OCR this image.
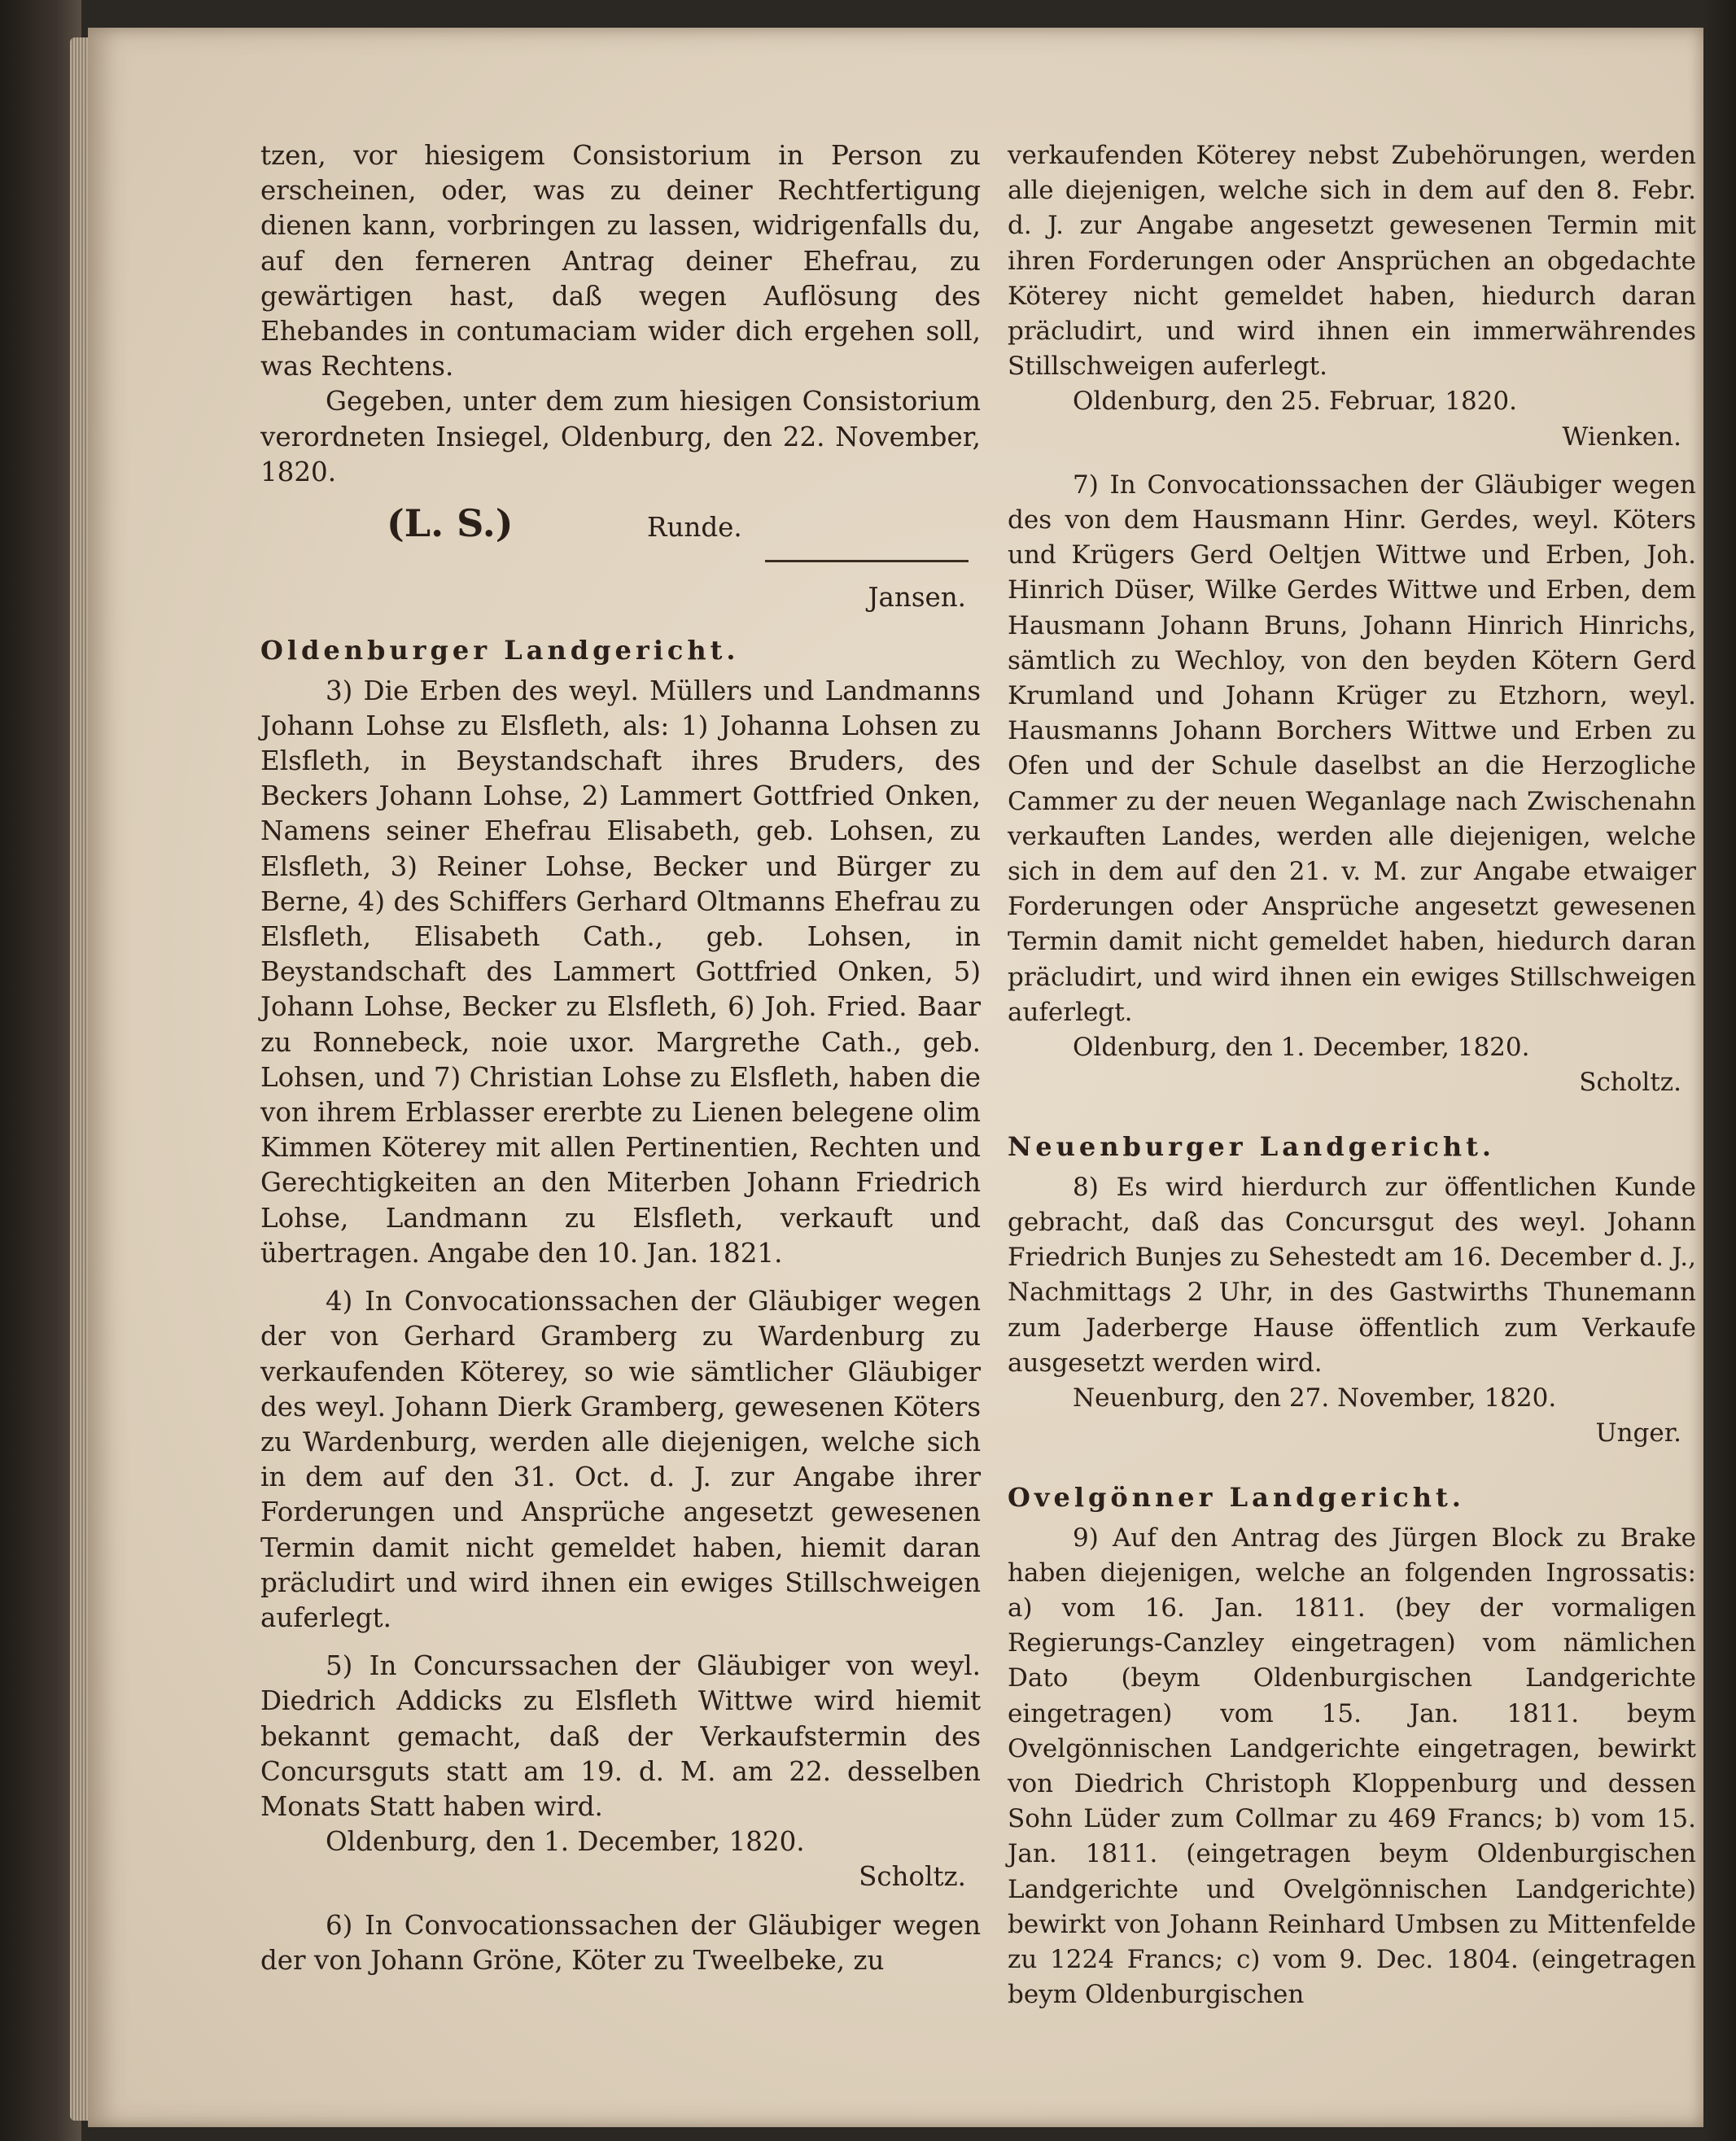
tzen, vor hiesigem Consistorium in Person zu erscheinen, oder, was zu deiner Rechtfertigung dienen kann, vorbringen zu lassen, widrigenfalls du, auf den ferneren Antrag deiner Ehefrau, zu gewärtigen hast, daß wegen Auflösung des Ehebandes in contumaciam wider dich ergehen soll, was Rechtens.

Gegeben, unter dem zum hiesigen Consistorium verordneten Insiegel, Oldenburg, den 22. November, 1820.

(L. S.)	Runde.

Jansen.

Oldenburger Landgericht.

3) Die Erben des weyl. Müllers und Landmanns Johann Lohse zu Elsfleth, als: 1) Johanna Lohsen zu Elsfleth, in Beystandschaft ihres Bruders, des Beckers Johann Lohse, 2) Lammert Gottfried Onken, Namens seiner Ehefrau Elisabeth, geb. Lohsen, zu Elsfleth, 3) Reiner Lohse, Becker und Bürger zu Berne, 4) des Schiffers Gerhard Oltmanns Ehefrau zu Elsfleth, Elisabeth Cath., geb. Lohsen, in Beystandschaft des Lammert Gottfried Onken, 5) Johann Lohse, Becker zu Elsfleth, 6) Joh. Fried. Baar zu Ronnebeck, noie uxor. Margrethe Cath., geb. Lohsen, und 7) Christian Lohse zu Elsfleth, haben die von ihrem Erblasser ererbte zu Lienen belegene olim Kimmen Köterey mit allen Pertinentien, Rechten und Gerechtigkeiten an den Miterben Johann Friedrich Lohse, Landmann zu Elsfleth, verkauft und übertragen. Angabe den 10. Jan. 1821.

4) In Convocationssachen der Gläubiger wegen der von Gerhard Gramberg zu Wardenburg zu verkaufenden Köterey, so wie sämtlicher Gläubiger des weyl. Johann Dierk Gramberg, gewesenen Köters zu Wardenburg, werden alle diejenigen, welche sich in dem auf den 31. Oct. d. J. zur Angabe ihrer Forderungen und Ansprüche angesetzt gewesenen Termin damit nicht gemeldet haben, hiemit daran präcludirt und wird ihnen ein ewiges Stillschweigen auferlegt.

5) In Concurssachen der Gläubiger von weyl. Diedrich Addicks zu Elsfleth Wittwe wird hiemit bekannt gemacht, daß der Verkaufstermin des Concursguts statt am 19. d. M. am 22. desselben Monats Statt haben wird.

Oldenburg, den 1. December, 1820.

Scholtz.

6) In Convocationssachen der Gläubiger wegen der von Johann Gröne, Köter zu Tweelbeke, zu

verkaufenden Köterey nebst Zubehörungen, werden alle diejenigen, welche sich in dem auf den 8. Febr. d. J. zur Angabe angesetzt gewesenen Termin mit ihren Forderungen oder Ansprüchen an obgedachte Köterey nicht gemeldet haben, hiedurch daran präcludirt, und wird ihnen ein immerwährendes Stillschweigen auferlegt.

Oldenburg, den 25. Februar, 1820.

Wienken.

7) In Convocationssachen der Gläubiger wegen des von dem Hausmann Hinr. Gerdes, weyl. Köters und Krügers Gerd Oeltjen Wittwe und Erben, Joh. Hinrich Düser, Wilke Gerdes Wittwe und Erben, dem Hausmann Johann Bruns, Johann Hinrich Hinrichs, sämtlich zu Wechloy, von den beyden Kötern Gerd Krumland und Johann Krüger zu Etzhorn, weyl. Hausmanns Johann Borchers Wittwe und Erben zu Ofen und der Schule daselbst an die Herzogliche Cammer zu der neuen Weganlage nach Zwischenahn verkauften Landes, werden alle diejenigen, welche sich in dem auf den 21. v. M. zur Angabe etwaiger Forderungen oder Ansprüche angesetzt gewesenen Termin damit nicht gemeldet haben, hiedurch daran präcludirt, und wird ihnen ein ewiges Stillschweigen auferlegt.

Oldenburg, den 1. December, 1820.

Scholtz.

Neuenburger Landgericht.

8) Es wird hierdurch zur öffentlichen Kunde gebracht, daß das Concursgut des weyl. Johann Friedrich Bunjes zu Sehestedt am 16. December d. J., Nachmittags 2 Uhr, in des Gastwirths Thunemann zum Jaderberge Hause öffentlich zum Verkaufe ausgesetzt werden wird.

Neuenburg, den 27. November, 1820.

Unger.

Ovelgönner Landgericht.

9) Auf den Antrag des Jürgen Block zu Brake haben diejenigen, welche an folgenden Ingrossatis: a) vom 16. Jan. 1811. (bey der vormaligen Regierungs-Canzley eingetragen) vom nämlichen Dato (beym Oldenburgischen Landgerichte eingetragen) vom 15. Jan. 1811. beym Ovelgönnischen Landgerichte eingetragen, bewirkt von Diedrich Christoph Kloppenburg und dessen Sohn Lüder zum Collmar zu 469 Francs; b) vom 15. Jan. 1811. (eingetragen beym Oldenburgischen Landgerichte und Ovelgönnischen Landgerichte) bewirkt von Johann Reinhard Umbsen zu Mittenfelde zu 1224 Francs; c) vom 9. Dec. 1804. (eingetragen beym Oldenburgischen
